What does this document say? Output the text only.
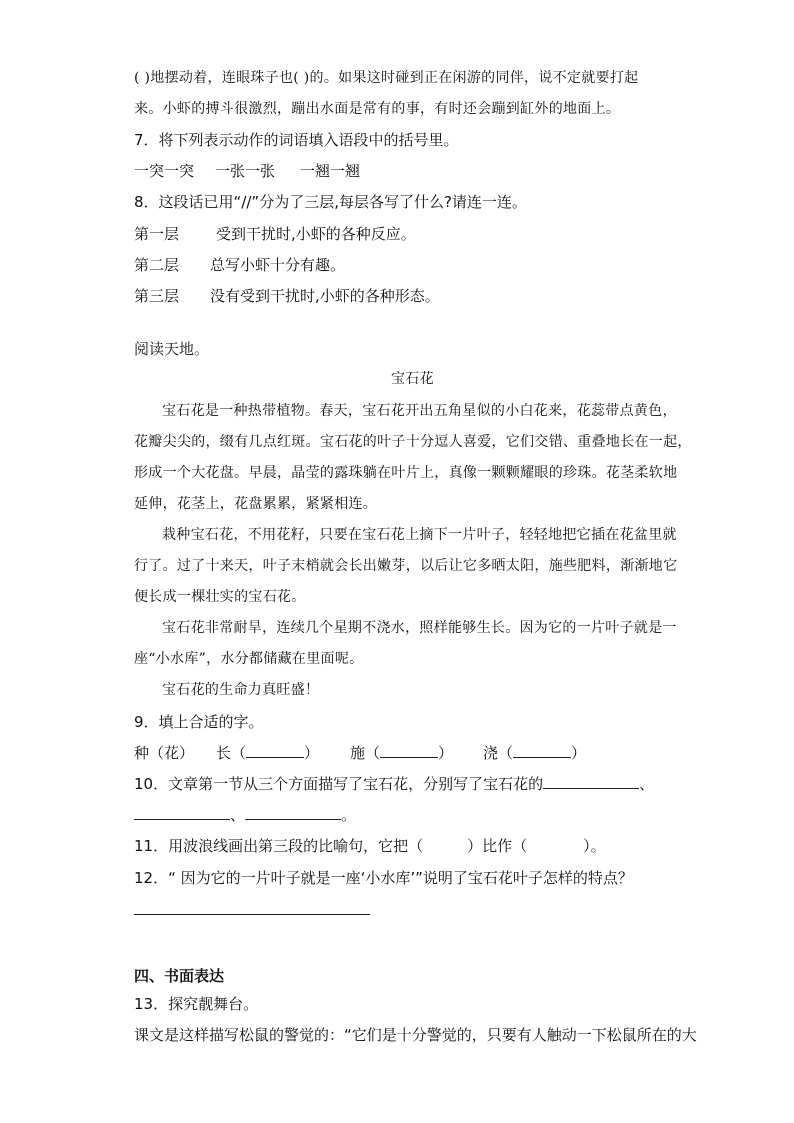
( )地摆动着，连眼珠子也( )的。如果这时碰到正在闲游的同伴，说不定就要打起
来。小虾的搏斗很激烈，蹦出水面是常有的事，有时还会蹦到缸外的地面上。
7．将下列表示动作的词语填入语段中的括号里。
一突一突 一张一张 一翘一翘
8．这段话已用“//”分为了三层,每层各写了什么?请连一连。
第一层 受到干扰时,小虾的各种反应。
第二层 总写小虾十分有趣。
第三层 没有受到干扰时,小虾的各种形态。
阅读天地。
宝石花
宝石花是一种热带植物。春天，宝石花开出五角星似的小白花来，花蕊带点黄色，
花瓣尖尖的，缀有几点红斑。宝石花的叶子十分逗人喜爱，它们交错、重叠地长在一起，
形成一个大花盘。早晨，晶莹的露珠躺在叶片上，真像一颗颗耀眼的珍珠。花茎柔软地
延伸，花茎上，花盘累累，紧紧相连。
栽种宝石花，不用花籽，只要在宝石花上摘下一片叶子，轻轻地把它插在花盆里就
行了。过了十来天，叶子末梢就会长出嫩芽，以后让它多晒太阳，施些肥料，渐渐地它
便长成一棵壮实的宝石花。
宝石花非常耐旱，连续几个星期不浇水，照样能够生长。因为它的一片叶子就是一
座“小水库”，水分都储藏在里面呢。
宝石花的生命力真旺盛！
9．填上合适的字。
种（花） 长（	） 施（	） 浇（	）
10．文章第一节从三个方面描写了宝石花，分别写了宝石花的	、
、	。
11．用波浪线画出第三段的比喻句，它把（	）比作（	）。
12．“ 因为它的一片叶子就是一座‘小水库’”说明了宝石花叶子怎样的特点？
四、书面表达
13．探究靓舞台。
课文是这样描写松鼠的警觉的：“它们是十分警觉的，只要有人触动一下松鼠所在的大
